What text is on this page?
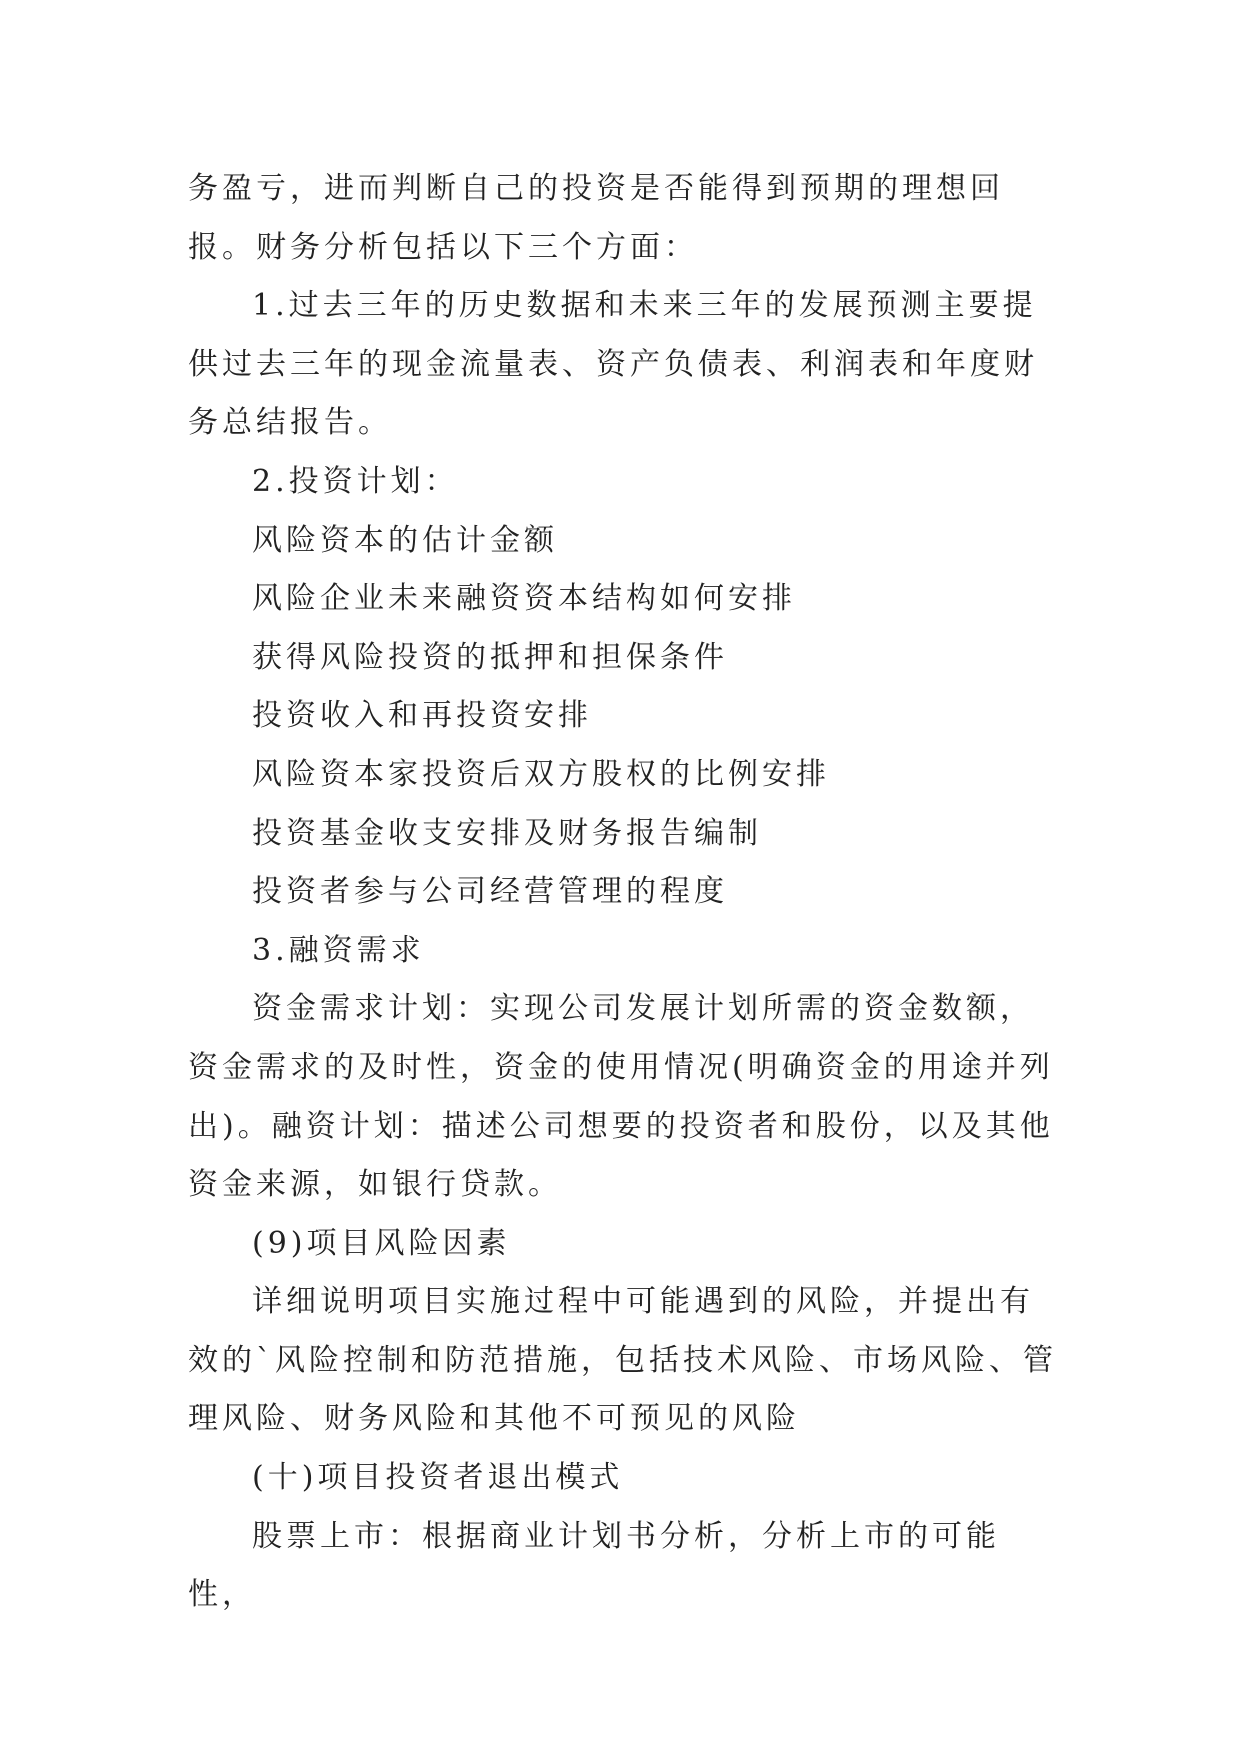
务盈亏，进而判断自己的投资是否能得到预期的理想回报。财务分析包括以下三个方面：

1.过去三年的历史数据和未来三年的发展预测主要提供过去三年的现金流量表、资产负债表、利润表和年度财务总结报告。

2.投资计划：

风险资本的估计金额

风险企业未来融资资本结构如何安排

获得风险投资的抵押和担保条件

投资收入和再投资安排

风险资本家投资后双方股权的比例安排

投资基金收支安排及财务报告编制

投资者参与公司经营管理的程度

3.融资需求

资金需求计划：实现公司发展计划所需的资金数额，资金需求的及时性，资金的使用情况(明确资金的用途并列出)。融资计划：描述公司想要的投资者和股份，以及其他资金来源，如银行贷款。

(9)项目风险因素

详细说明项目实施过程中可能遇到的风险，并提出有效的`风险控制和防范措施，包括技术风险、市场风险、管理风险、财务风险和其他不可预见的风险

(十)项目投资者退出模式

股票上市：根据商业计划书分析，分析上市的可能性，
